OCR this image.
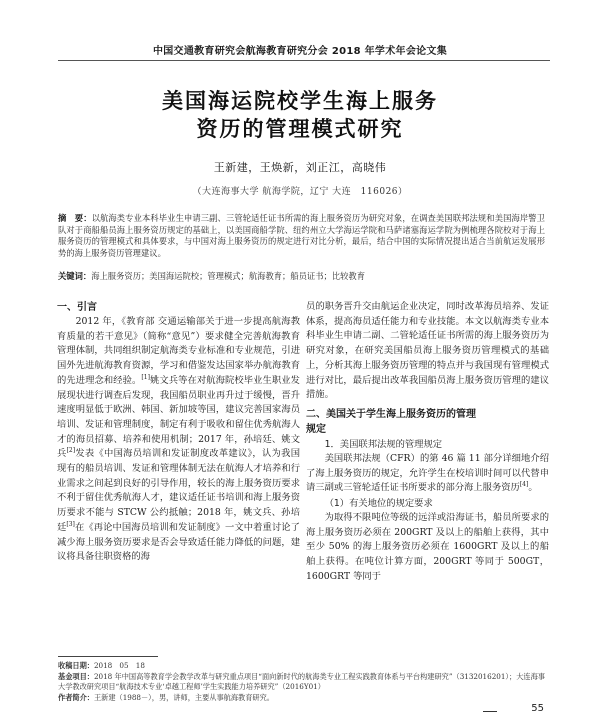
中国交通教育研究会航海教育研究分会 2018 年学术年会论文集
美国海运院校学生海上服务
资历的管理模式研究
王新建，王焕新，刘正江，高晓伟
（大连海事大学 航海学院，辽宁 大连　116026）
摘　要：以航海类专业本科毕业生申请三副、三管轮适任证书所需的海上服务资历为研究对象，在调查美国联邦法规和美国海岸警卫队对于商船船员海上服务资历规定的基础上，以美国商船学院、纽约州立大学海运学院和马萨诸塞海运学院为例梳理各院校对于海上服务资历的管理模式和具体要求，与中国对海上服务资历的规定进行对比分析，最后，结合中国的实际情况提出适合当前航运发展形势的海上服务资历管理建议。
关键词：海上服务资历；美国海运院校；管理模式；航海教育；船员证书；比较教育
一、引言

2012 年，《教育部 交通运输部关于进一步提高航海教育质量的若干意见》（简称“意见”）要求健全完善航海教育管理体制，共同组织制定航海类专业标准和专业规范，引进国外先进航海教育资源，学习和借鉴发达国家举办航海教育的先进理念和经验。[1]姚文兵等在对航海院校毕业生职业发展现状进行调查后发现，我国船员职业再升过于缓慢，晋升速度明显低于欧洲、韩国、新加坡等国，建议完善国家海员培训、发证和管理制度，制定有利于吸收和留住优秀航海人才的海员招募、培养和使用机制；2017 年，孙培廷、姚文兵[2]发表《中国海员培训和发证制度改革建议》，认为我国现有的船员培训、发证和管理体制无法在航海人才培养和行业需求之间起到良好的引导作用，较长的海上服务资历要求不利于留住优秀航海人才，建议适任证书培训和海上服务资历要求不能与 STCW 公约抵触；2018 年，姚文兵、孙培廷[3]在《再论中国海员培训和发证制度》一文中着重讨论了减少海上服务资历要求是否会导致适任能力降低的问题，建议将具备往职资格的海

员的职务晋升交由航运企业决定，同时改革海员培养、发证体系，提高海员适任能力和专业技能。本文以航海类专业本科毕业生申请二副、二管轮适任证书所需的海上服务资历为研究对象，在研究美国船员海上服务资历管理模式的基础上，分析其海上服务资历管理的特点并与我国现有管理模式进行对比，最后提出改革我国船员海上服务资历管理的建议措施。

二、美国关于学生海上服务资历的管理
规定
1．美国联邦法规的管理规定

美国联邦法规（CFR）的第 46 篇 11 部分详细地介绍了海上服务资历的规定，允许学生在校培训时间可以代替申请三副或三管轮适任证书所要求的部分海上服务资历[4]。

（1）有关地位的规定要求

为取得不限吨位等级的远洋或沿海证书，船员所要求的海上服务资历必须在 200GRT 及以上的船舶上获得，其中至少 50% 的海上服务资历必须在 1600GRT 及以上的船舶上获得。在吨位计算方面，200GRT 等同于 500GT，1600GRT 等同于

收稿日期：2018　05　18
基金项目：2018 年中国高等教育学会教学改革与研究重点项目“面向新时代的航海类专业工程实践教育体系与平台构建研究”（3132016201）；大连海事大学教改研究项目“航海技术专业‘卓越工程师’学生实践能力培养研究”（2016Y01）
作者简介：王新建（1988－），男，讲师，主要从事航海教育研究。
55
